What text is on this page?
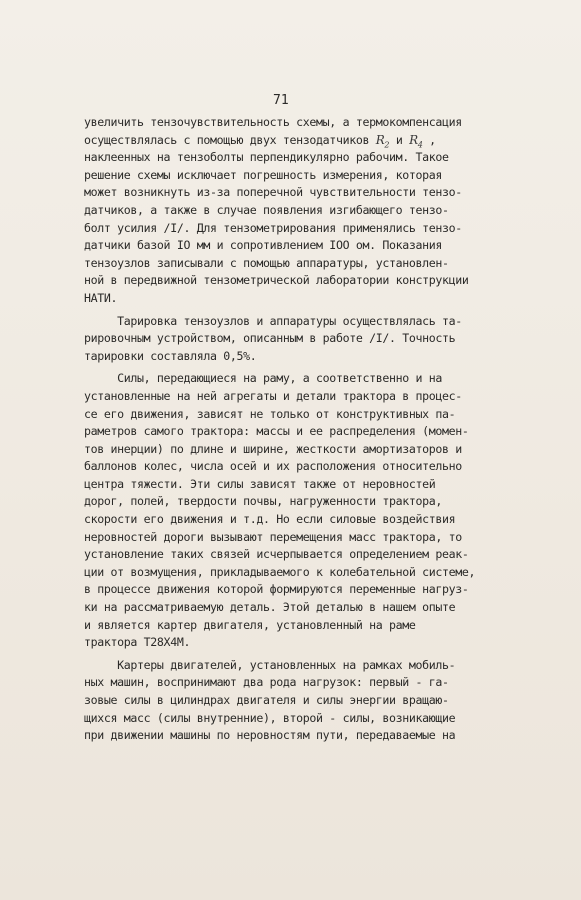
71
увеличить тензочувствительность схемы, а термокомпенсация
осуществлялась с помощью двух тензодатчиков $R_2$ и $R_4$ ,
наклеенных на тензоболты перпендикулярно рабочим. Такое
решение схемы исключает погрешность измерения, которая
может возникнуть из-за поперечной чувствительности тензо-
датчиков, а также в случае появления изгибающего тензо-
болт усилия /I/. Для тензометрирования применялись тензо-
датчики базой IO мм и сопротивлением IOO ом. Показания
тензоузлов записывали с помощью аппаратуры, установлен-
ной в передвижной тензометрической лаборатории конструкции
НАТИ.
Тарировка тензоузлов и аппаратуры осуществлялась та-
рировочным устройством, описанным в работе /I/. Точность
тарировки составляла 0,5%.
Силы, передающиеся на раму, а соответственно и на
установленные на ней агрегаты и детали трактора в процес-
се его движения, зависят не только от конструктивных па-
раметров самого трактора: массы и ее распределения (момен-
тов инерции) по длине и ширине, жесткости амортизаторов и
баллонов колес, числа осей и их расположения относительно
центра тяжести. Эти силы зависят также от неровностей
дорог, полей, твердости почвы, нагруженности трактора,
скорости его движения и т.д. Но если силовые воздействия
неровностей дороги вызывают перемещения масс трактора, то
установление таких связей исчерпывается определением реак-
ции от возмущения, прикладываемого к колебательной системе,
в процессе движения которой формируются переменные нагруз-
ки на рассматриваемую деталь. Этой деталью в нашем опыте
и является картер двигателя, установленный на раме
трактора Т28Х4М.
Картеры двигателей, установленных на рамках мобиль-
ных машин, воспринимают два рода нагрузок: первый - га-
зовые силы в цилиндрах двигателя и силы энергии вращаю-
щихся масс (силы внутренние), второй - силы, возникающие
при движении машины по неровностям пути, передаваемые на
